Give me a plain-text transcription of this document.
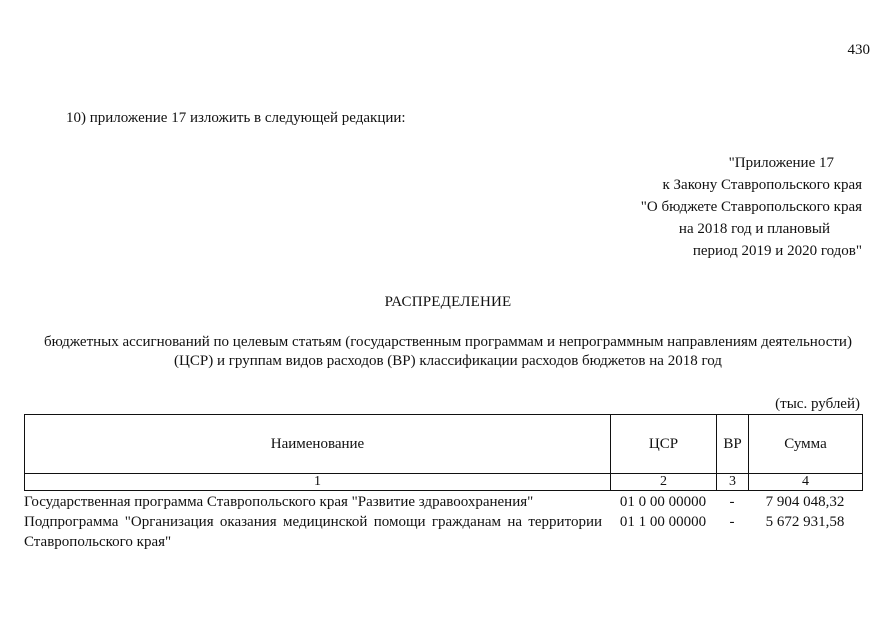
430
10) приложение 17 изложить в следующей редакции:
"Приложение 17
к Закону Ставропольского края
"О бюджете Ставропольского края
на 2018 год и плановый
период 2019 и 2020 годов"
РАСПРЕДЕЛЕНИЕ
бюджетных ассигнований по целевым статьям (государственным программам и непрограммным направлениям деятельности)
(ЦСР) и группам видов расходов (ВР) классификации расходов бюджетов на 2018 год
(тыс. рублей)
Наименование	ЦСР	ВР	Сумма
1	2	3	4
Государственная программа Ставропольского края "Развитие здравоохранения"	01 0 00 00000	-	7 904 048,32
Подпрограмма "Организация оказания медицинской помощи гражданам на территории Ставропольского края"	01 1 00 00000	-	5 672 931,58
